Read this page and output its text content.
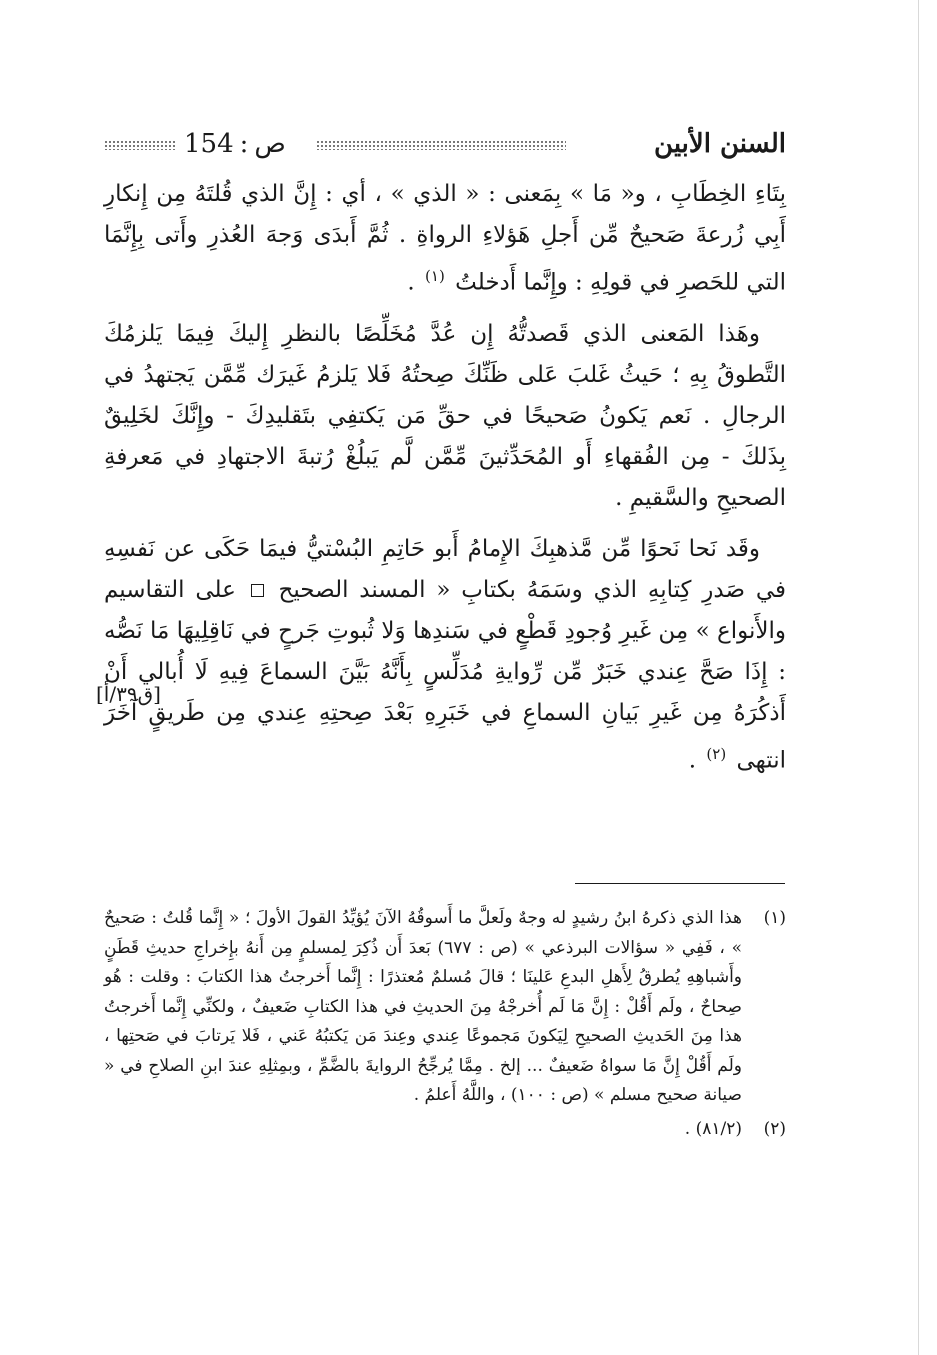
السنن الأبين
154 : ص

بِتَاءِ الخِطَابِ ، و« مَا » بِمَعنى : « الذي » ، أي : إِنَّ الذي قُلتَهُ مِن إِنكارِ أَبِي زُرعةَ صَحيحٌ مِّن أَجلِ هَؤلاءِ الرواةِ . ثُمَّ أَبدَى وَجهَ العُذرِ وأَتى بِإِنَّمَا التي للحَصرِ في قولِهِ : وإِنَّما أَدخلتُ $^{(١)}$ .

وهَذا المَعنى الذي قَصدتُّهُ إِن عُدَّ مُخَلِّصًا بالنظرِ إِليكَ فِيمَا يَلزمُكَ التَّطوقُ بِهِ ؛ حَيثُ غَلبَ عَلى ظَنِّكَ صِحتُهُ فَلا يَلزمُ غَيرَك مِّمَّن يَجتهدُ في الرجالِ . نَعم يَكونُ صَحيحًا في حقِّ مَن يَكتفِي بتَقليدِكَ - وإِنَّكَ لخَلِيقٌ بِذَلكَ - مِن الفُقهاءِ أَو المُحَدِّثينَ مِّمَّن لَّم يَبلُغْ رُتبةَ الاجتهادِ في مَعرفةِ الصحيحِ والسَّقيمِ .

وقَد نَحا نَحوًا مِّن مَّذهبِكَ الإِمامُ أَبو حَاتِمِ البُسْتيُّ فيمَا حَكَى عن نَفسِهِ في صَدرِ كِتابِهِ الذي وسَمَهُ بكتابِ « المسند الصحيح  على التقاسيم والأَنواع » مِن غَيرِ وُجودِ قَطْعٍ في سَندِها وَلا ثُبوتِ جَرحٍ في نَاقِلِيهَا مَا نَصُّه : إِذَا صَحَّ عِندي خَبَرٌ مِّن رِّوايةِ مُدَلِّسٍ بِأَنَّهُ بَيَّنَ السماعَ فِيهِ لَا أُبالي أَنْ أَذكُرَهُ مِن غَيرِ بَيانِ السماعِ في خَبَرِهِ بَعْدَ صِحتِهِ عِندي مِن طَريقٍ آخَرَ انتهى $^{(٢)}$ .

[ق٣٩/أ]

(١)
هذا الذي ذكرهُ ابنُ رشيدٍ له وجهٌ ولَعلَّ ما أَسوقُهُ الآنَ يُؤيِّدُ القولَ الأولَ ؛ « إِنَّما قُلتُ : صَحيحٌ » ، فَفِي « سؤالات البرذعي » (ص : ٦٧٧) بَعدَ أَن ذُكِرَ لِمسلمٍ مِن أَنهُ بإِخراجِ حديثِ قَطَنٍ وأَشباهِهِ يُطرقُ لِأَهلِ البدعِ عَلينَا ؛ قالَ مُسلمٌ مُعتذرًا : إِنَّما أَخرجتُ هذا الكتابَ : وقلت : هُو صِحاحٌ ، ولَم أَقُلْ : إِنَّ مَا لَم أُخرجْهُ مِنَ الحديثِ في هذا الكتابِ ضَعيفٌ ، ولكنِّي إِنَّما أَخرجتُ هذا مِنَ الحَديثِ الصحيحِ لِيَكونَ مَجموعًا عِندي وعِندَ مَن يَكتبُهُ عَني ، فَلا يَرتابَ في صَحتِها ، ولَم أَقُلْ إِنَّ مَا سواهُ ضَعيفٌ ... إلخ . مِمَّا يُرجِّحُ الروايةَ بالضَّمِّ ، وبمِثلِهِ عندَ ابنِ الصلاحِ في « صيانة صحيح مسلم » (ص : ١٠٠) ، واللَّهُ أَعلمُ .

(٢)
(٨١/٢) .
